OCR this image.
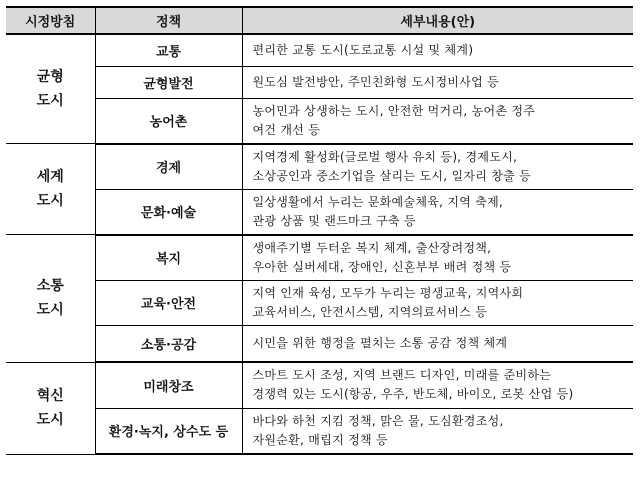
시정방침	정책	세부내용(안)

균형
도시	교통	편리한 교통 도시(도로교통 시설 및 체계)

	균형발전	원도심 발전방안, 주민친화형 도시정비사업 등

	농어촌	농어민과 상생하는 도시, 안전한 먹거리, 농어촌 정주
여건 개선 등

세계
도시	경제	지역경제 활성화(글로벌 행사 유치 등), 경제도시,
소상공인과 중소기업을 살리는 도시, 일자리 창출 등

	문화·예술	일상생활에서 누리는 문화예술체육, 지역 축제,
관광 상품 및 랜드마크 구축 등

소통
도시	복지	생애주기별 두터운 복지 체계, 출산장려정책,
우아한 실버세대, 장애인, 신혼부부 배려 정책 등

	교육·안전	지역 인재 육성, 모두가 누리는 평생교육, 지역사회
교육서비스, 안전시스템, 지역의료서비스 등

	소통·공감	시민을 위한 행정을 펼치는 소통 공감 정책 체계

혁신
도시	미래창조	스마트 도시 조성, 지역 브랜드 디자인, 미래를 준비하는
경쟁력 있는 도시(항공, 우주, 반도체, 바이오, 로봇 산업 등)

	환경·녹지, 상수도 등	바다와 하천 지킴 정책, 맑은 물, 도심환경조성,
자원순환, 매립지 정책 등
